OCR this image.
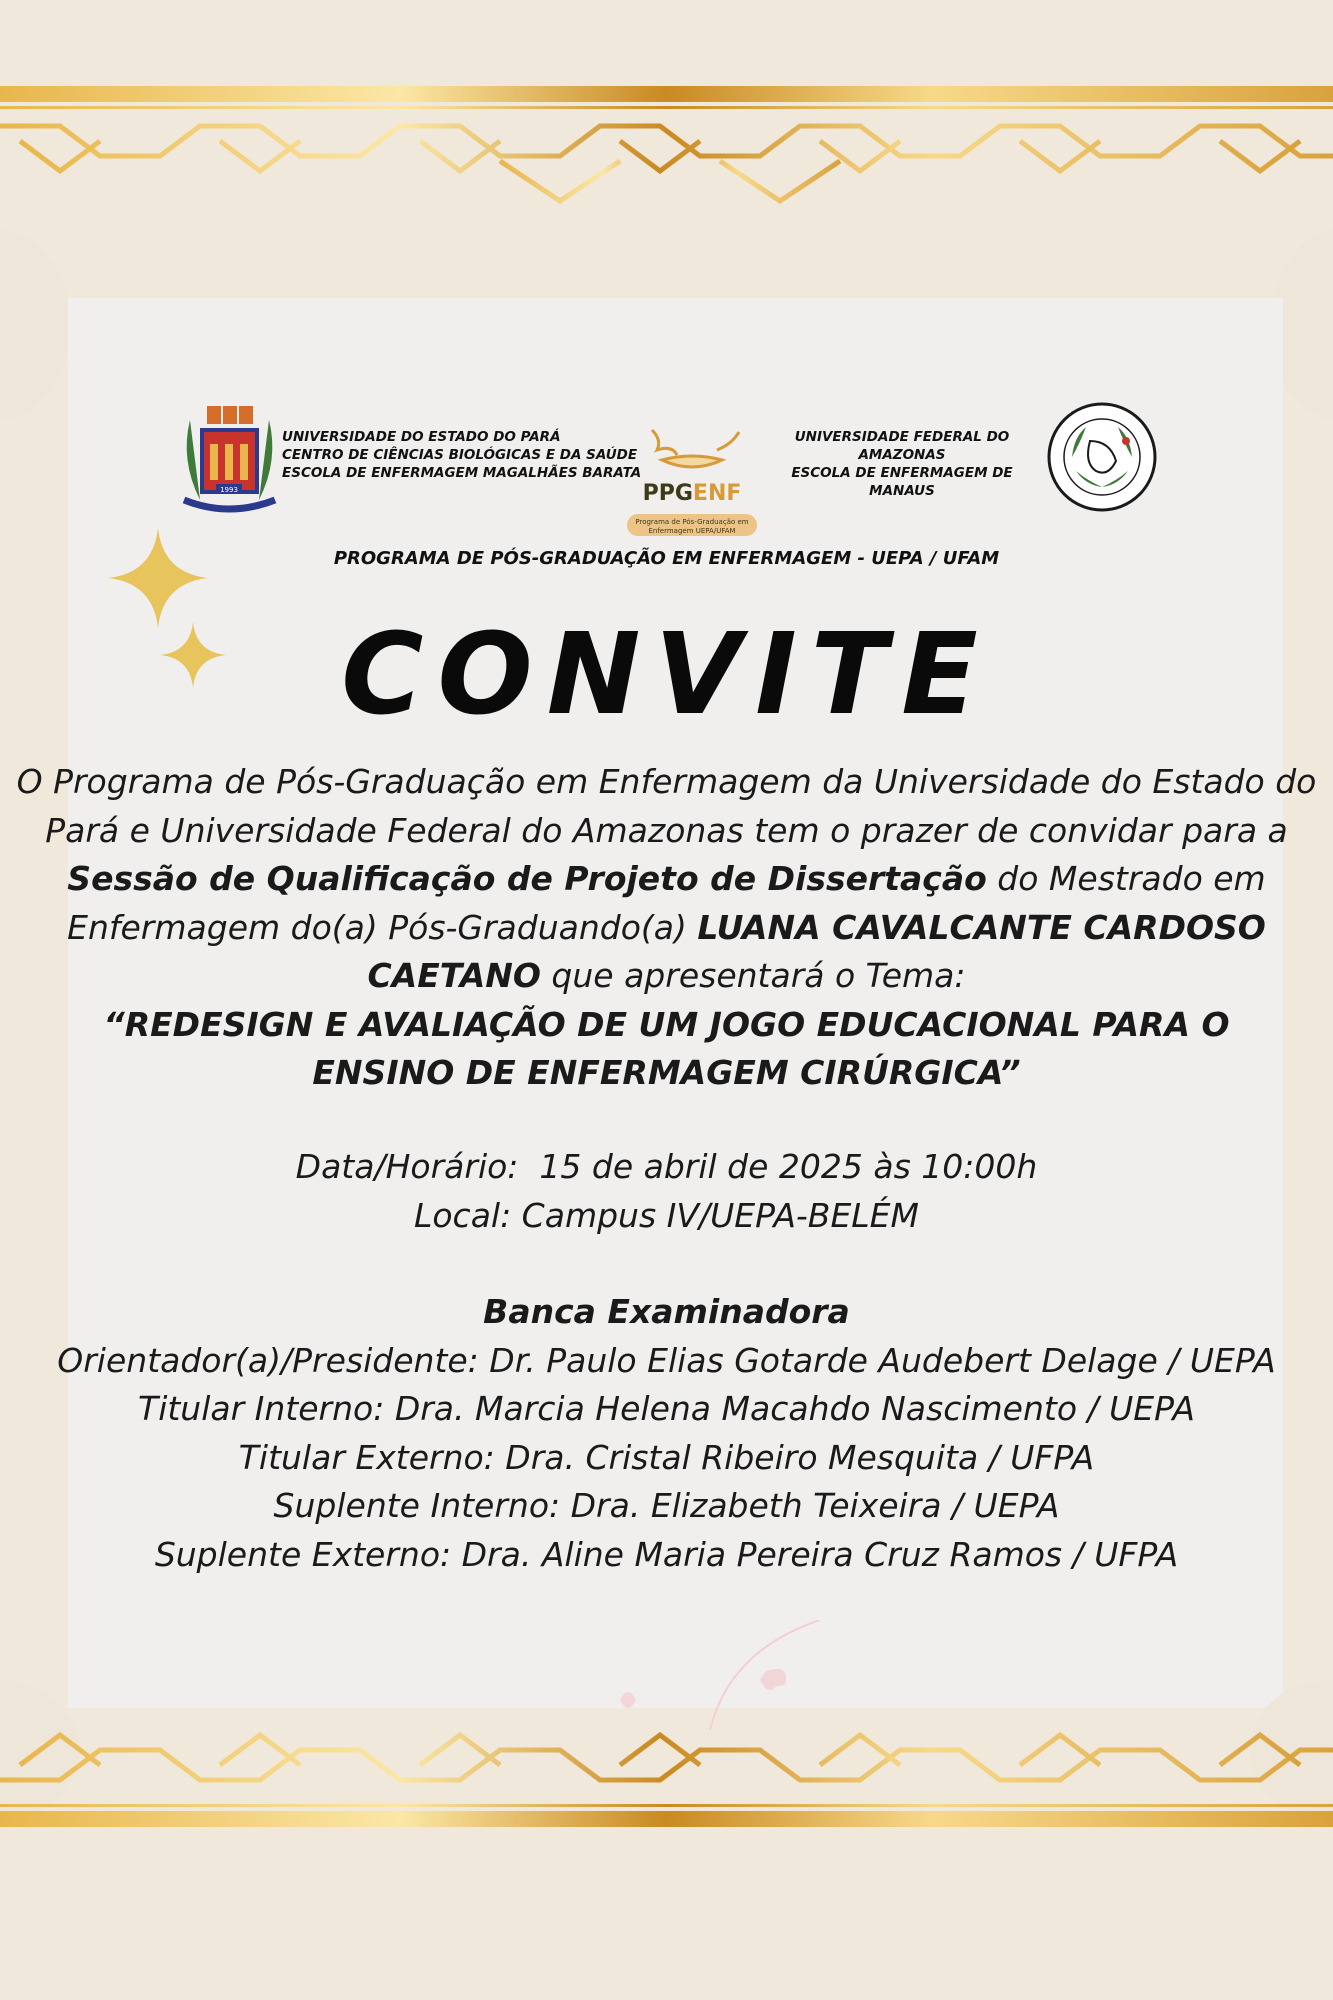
1993
UNIVERSIDADE DO ESTADO DO PARÁ
CENTRO DE CIÊNCIAS BIOLÓGICAS E DA SAÚDE
ESCOLA DE ENFERMAGEM MAGALHÃES BARATA
PPGENF
Programa de Pós-Graduação em
Enfermagem UEPA/UFAM
UNIVERSIDADE FEDERAL DO AMAZONAS
ESCOLA DE ENFERMAGEM DE MANAUS
PROGRAMA DE PÓS-GRADUAÇÃO EM ENFERMAGEM - UEPA / UFAM
CONVITE
O Programa de Pós-Graduação em Enfermagem da Universidade do Estado do Pará e Universidade Federal do Amazonas tem o prazer de convidar para a Sessão de Qualificação de Projeto de Dissertação do Mestrado em Enfermagem do(a) Pós-Graduando(a) LUANA CAVALCANTE CARDOSO CAETANO que apresentará o Tema:
“REDESIGN E AVALIAÇÃO DE UM JOGO EDUCACIONAL PARA O ENSINO DE ENFERMAGEM CIRÚRGICA”
Data/Horário:  15 de abril de 2025 às 10:00h
Local: Campus IV/UEPA-BELÉM
Banca Examinadora
Orientador(a)/Presidente: Dr. Paulo Elias Gotarde Audebert Delage / UEPA
Titular Interno: Dra. Marcia Helena Macahdo Nascimento / UEPA
Titular Externo: Dra. Cristal Ribeiro Mesquita / UFPA
Suplente Interno: Dra. Elizabeth Teixeira / UEPA
Suplente Externo: Dra. Aline Maria Pereira Cruz Ramos / UFPA
